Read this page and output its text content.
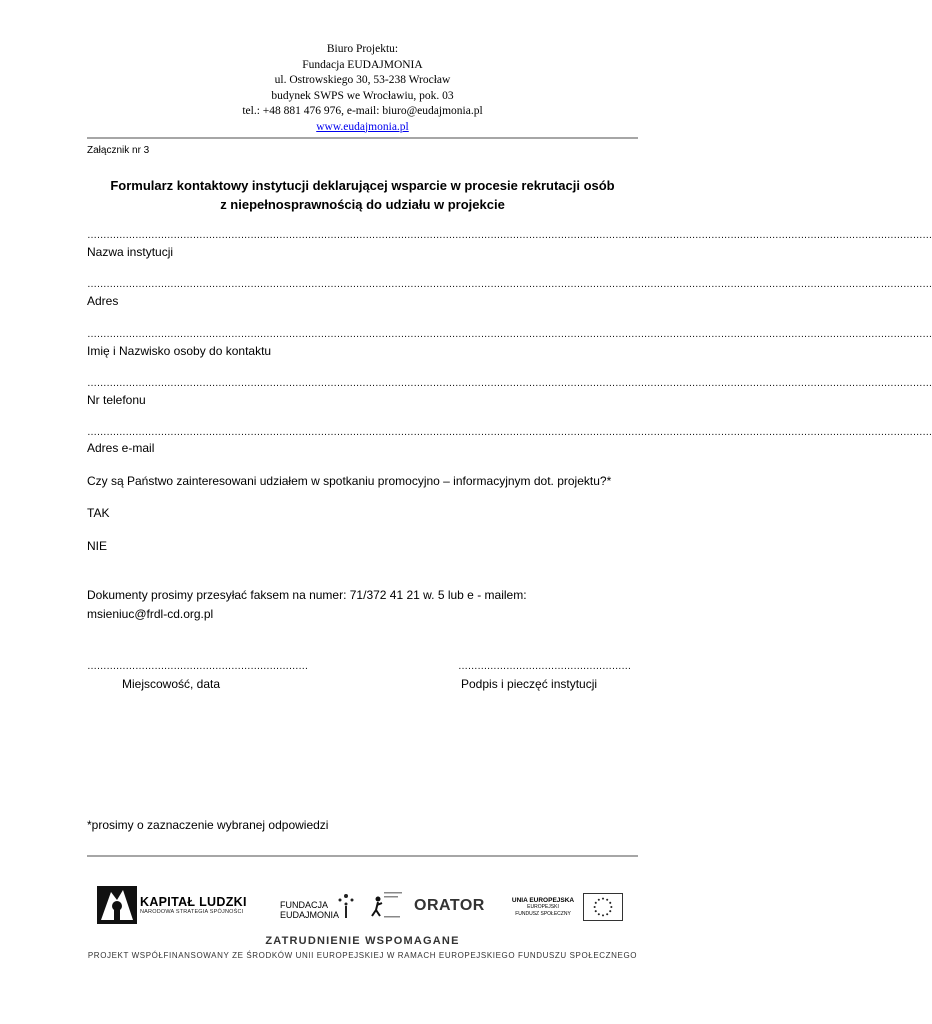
Biuro Projektu:
Fundacja EUDAJMONIA
ul. Ostrowskiego 30, 53-238 Wrocław
budynek SWPS we Wrocławiu, pok. 03
tel.: +48 881 476 976, e-mail: biuro@eudajmonia.pl
www.eudajmonia.pl
Załącznik nr 3
Formularz kontaktowy instytucji deklarującej wsparcie w procesie rekrutacji osób
z niepełnosprawnością do udziału w projekcie
…………………………………………………………………………………………………………………………………………………………………………………………………………………………………………
Nazwa instytucji
…………………………………………………………………………………………………………………………………………………………………………………………………………………………………………
Adres
…………………………………………………………………………………………………………………………………………………………………………………………………………………………………………
Imię i Nazwisko osoby do kontaktu
…………………………………………………………………………………………………………………………………………………………………………………………………………………………………………
Nr telefonu
…………………………………………………………………………………………………………………………………………………………………………………………………………………………………………
Adres e-mail
Czy są Państwo zainteresowani udziałem w spotkaniu promocyjno – informacyjnym dot. projektu?*
TAK
NIE
Dokumenty prosimy przesyłać faksem na numer: 71/372 41 21 w. 5 lub e - mailem:
msieniuc@frdl-cd.org.pl
……………………………………………………………
Miejscowość, data
………………………………………………
Podpis i pieczęć instytucji
*prosimy o zaznaczenie wybranej odpowiedzi
KAPITAŁ LUDZKI
NARODOWA STRATEGIA SPÓJNOŚCI
FUNDACJA
EUDAJMONIA
ORATOR	UNIA EUROPEJSKA
EUROPEJSKI
FUNDUSZ SPOŁECZNY
ZATRUDNIENIE WSPOMAGANE
PROJEKT WSPÓŁFINANSOWANY ZE ŚRODKÓW UNII EUROPEJSKIEJ W RAMACH EUROPEJSKIEGO FUNDUSZU SPOŁECZNEGO
